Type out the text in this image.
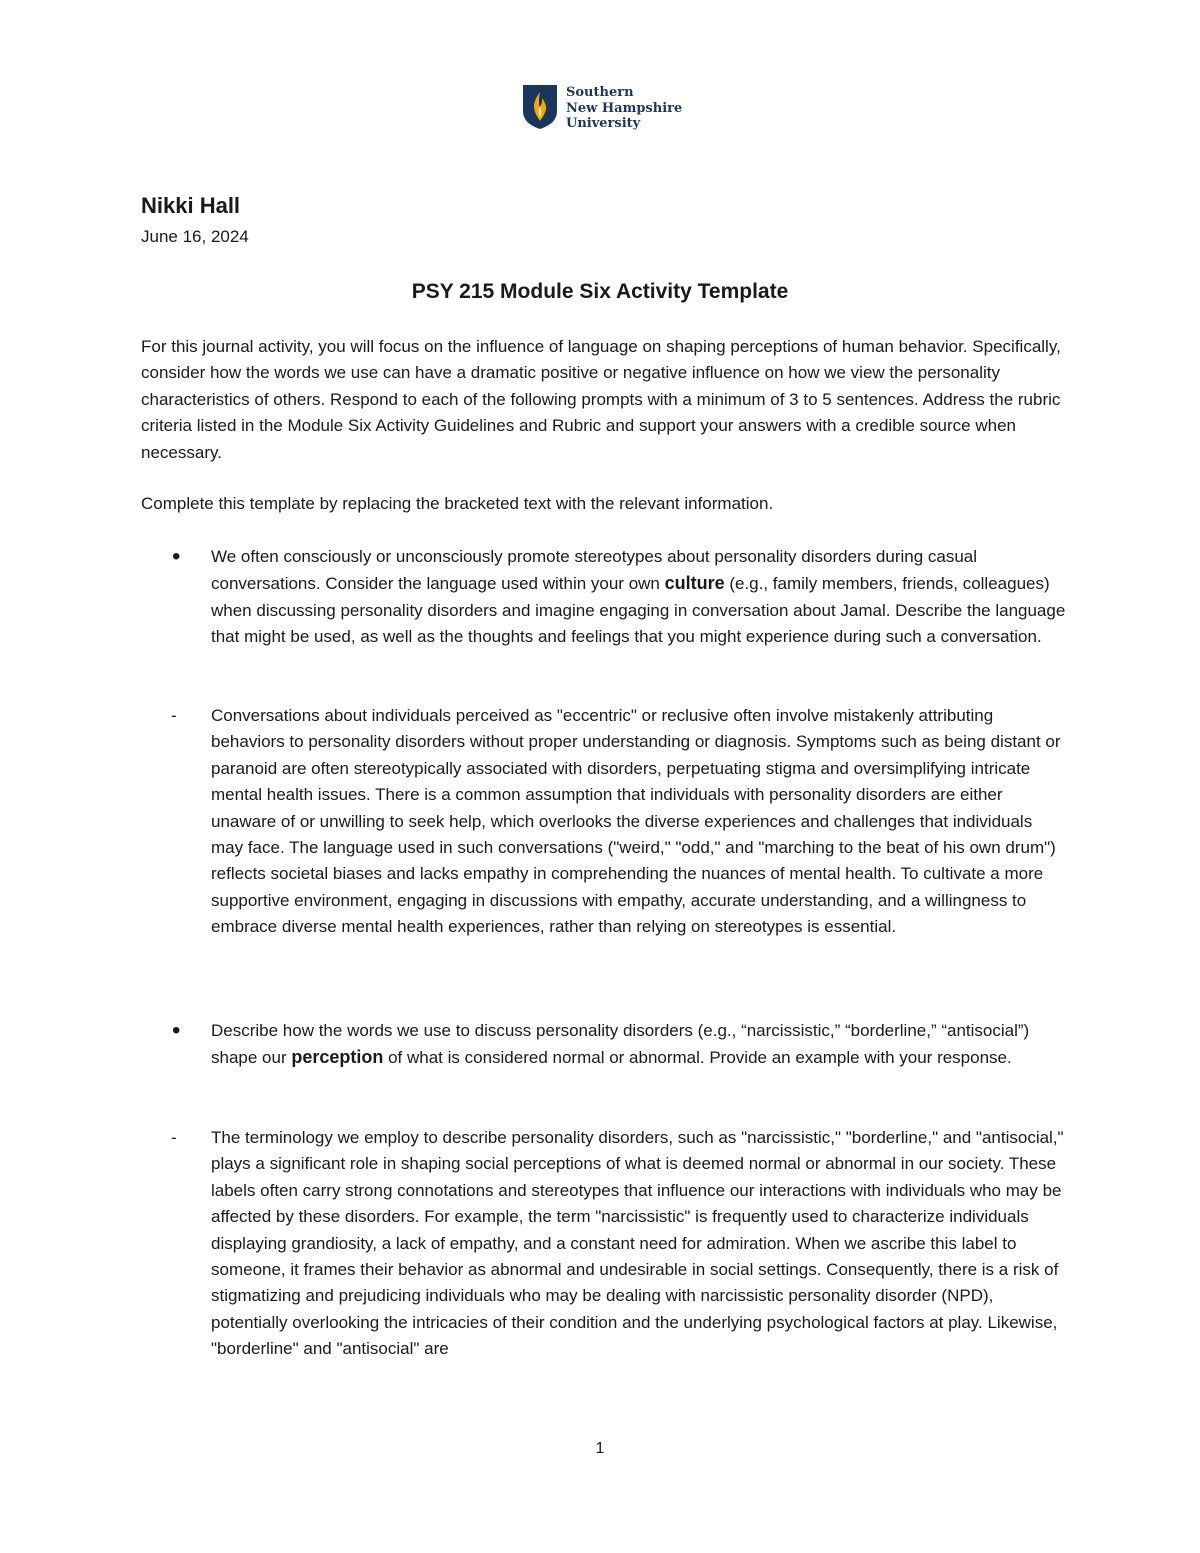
Southern
New Hampshire
University
Nikki Hall
June 16, 2024
PSY 215 Module Six Activity Template
For this journal activity, you will focus on the influence of language on shaping perceptions of human behavior. Specifically, consider how the words we use can have a dramatic positive or negative influence on how we view the personality characteristics of others. Respond to each of the following prompts with a minimum of 3 to 5 sentences. Address the rubric criteria listed in the Module Six Activity Guidelines and Rubric and support your answers with a credible source when necessary.
Complete this template by replacing the bracketed text with the relevant information.
• We often consciously or unconsciously promote stereotypes about personality disorders during casual conversations. Consider the language used within your own culture (e.g., family members, friends, colleagues) when discussing personality disorders and imagine engaging in conversation about Jamal. Describe the language that might be used, as well as the thoughts and feelings that you might experience during such a conversation.
- Conversations about individuals perceived as "eccentric" or reclusive often involve mistakenly attributing behaviors to personality disorders without proper understanding or diagnosis. Symptoms such as being distant or paranoid are often stereotypically associated with disorders, perpetuating stigma and oversimplifying intricate mental health issues. There is a common assumption that individuals with personality disorders are either unaware of or unwilling to seek help, which overlooks the diverse experiences and challenges that individuals may face. The language used in such conversations ("weird," "odd," and "marching to the beat of his own drum") reflects societal biases and lacks empathy in comprehending the nuances of mental health. To cultivate a more supportive environment, engaging in discussions with empathy, accurate understanding, and a willingness to embrace diverse mental health experiences, rather than relying on stereotypes is essential.
• Describe how the words we use to discuss personality disorders (e.g., “narcissistic,” “borderline,” “antisocial”) shape our perception of what is considered normal or abnormal. Provide an example with your response.
- The terminology we employ to describe personality disorders, such as "narcissistic," "borderline," and "antisocial," plays a significant role in shaping social perceptions of what is deemed normal or abnormal in our society. These labels often carry strong connotations and stereotypes that influence our interactions with individuals who may be affected by these disorders. For example, the term "narcissistic" is frequently used to characterize individuals displaying grandiosity, a lack of empathy, and a constant need for admiration. When we ascribe this label to someone, it frames their behavior as abnormal and undesirable in social settings. Consequently, there is a risk of stigmatizing and prejudicing individuals who may be dealing with narcissistic personality disorder (NPD), potentially overlooking the intricacies of their condition and the underlying psychological factors at play. Likewise, "borderline" and "antisocial" are
1
